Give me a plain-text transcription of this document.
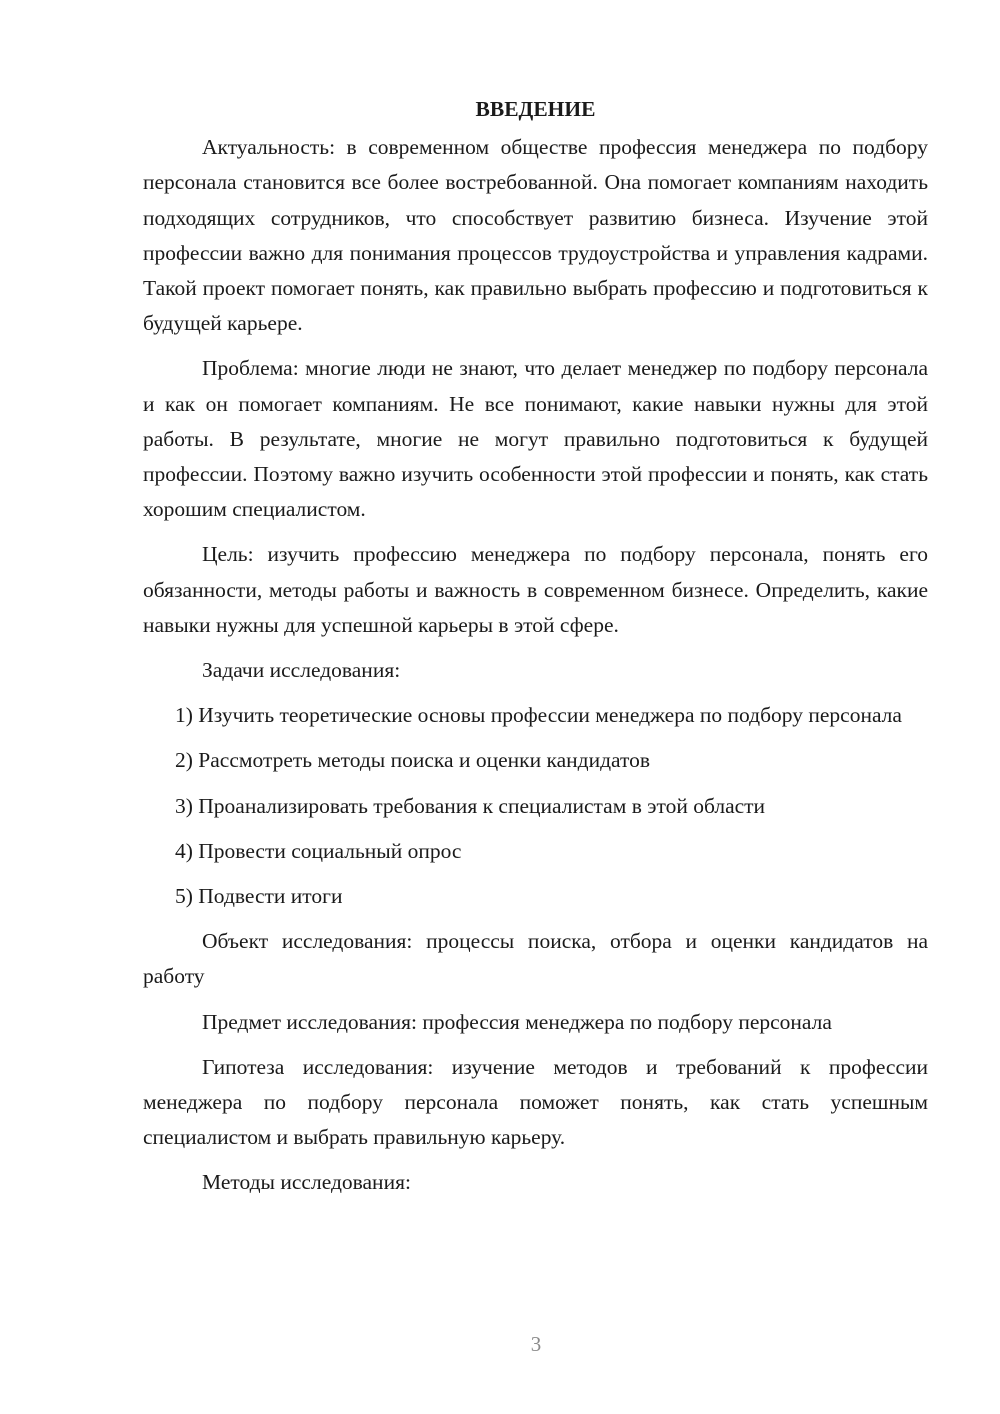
ВВЕДЕНИЕ

Актуальность: в современном обществе профессия менеджера по подбору персонала становится все более востребованной. Она помогает компаниям находить подходящих сотрудников, что способствует развитию бизнеса. Изучение этой профессии важно для понимания процессов трудоустройства и управления кадрами. Такой проект помогает понять, как правильно выбрать профессию и подготовиться к будущей карьере.

Проблема: многие люди не знают, что делает менеджер по подбору персонала и как он помогает компаниям. Не все понимают, какие навыки нужны для этой работы. В результате, многие не могут правильно подготовиться к будущей профессии. Поэтому важно изучить особенности этой профессии и понять, как стать хорошим специалистом.

Цель: изучить профессию менеджера по подбору персонала, понять его обязанности, методы работы и важность в современном бизнесе. Определить, какие навыки нужны для успешной карьеры в этой сфере.

Задачи исследования:

1) Изучить теоретические основы профессии менеджера по подбору персонала

2) Рассмотреть методы поиска и оценки кандидатов

3) Проанализировать требования к специалистам в этой области

4) Провести социальный опрос

5) Подвести итоги

Объект исследования: процессы поиска, отбора и оценки кандидатов на работу

Предмет исследования: профессия менеджера по подбору персонала

Гипотеза исследования: изучение методов и требований к профессии менеджера по подбору персонала поможет понять, как стать успешным специалистом и выбрать правильную карьеру.

Методы исследования:

3
